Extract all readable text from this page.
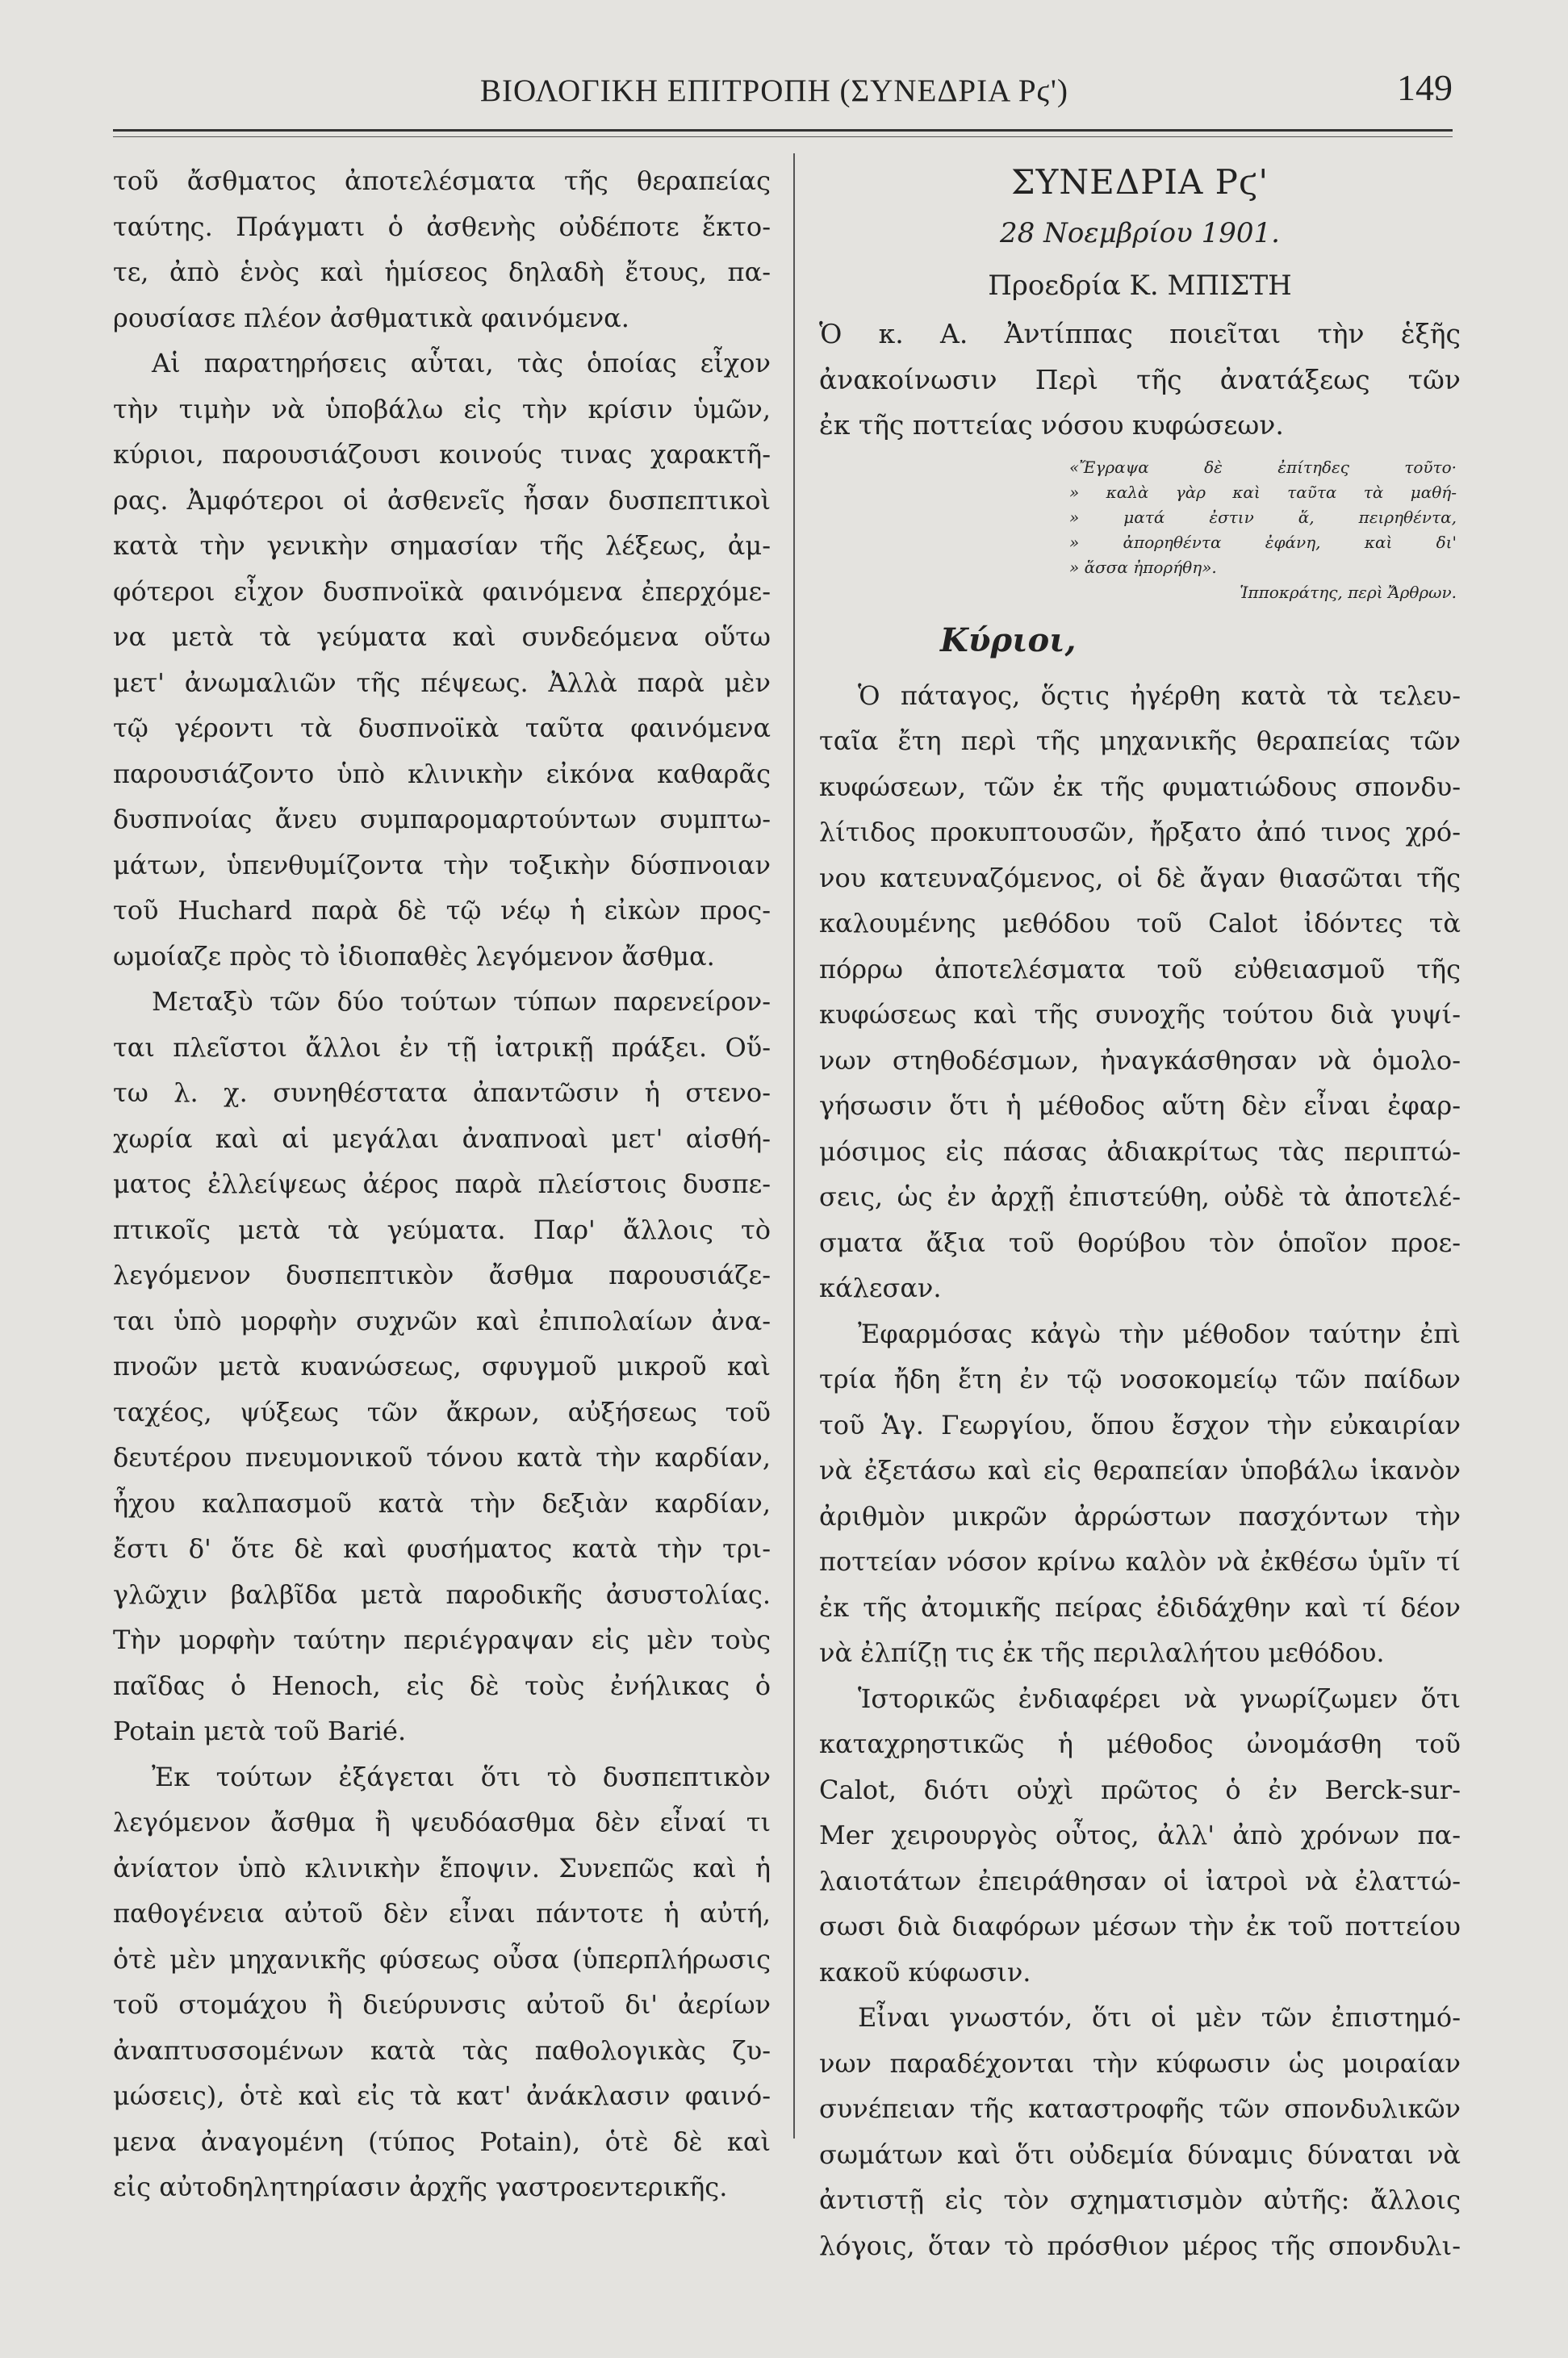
ΒΙΟΛΟΓΙΚΗ ΕΠΙΤΡΟΠΗ (ΣΥΝΕΔΡΙΑ Ρϛ')	149
τοῦ ἄσθματος ἀποτελέσματα τῆς θεραπείας
ταύτης. Πράγματι ὁ ἀσθενὴς οὐδέποτε ἔκτο-
τε, ἀπὸ ἑνὸς καὶ ἡμίσεος δηλαδὴ ἔτους, πα-
ρουσίασε πλέον ἀσθματικὰ φαινόμενα.
Αἱ παρατηρήσεις αὗται, τὰς ὁποίας εἶχον
τὴν τιμὴν νὰ ὑποβάλω εἰς τὴν κρίσιν ὑμῶν,
κύριοι, παρουσιάζουσι κοινούς τινας χαρακτῆ-
ρας. Ἀμφότεροι οἱ ἀσθενεῖς ἦσαν δυσπεπτικοὶ
κατὰ τὴν γενικὴν σημασίαν τῆς λέξεως, ἀμ-
φότεροι εἶχον δυσπνοϊκὰ φαινόμενα ἐπερχόμε-
να μετὰ τὰ γεύματα καὶ συνδεόμενα οὕτω
μετ' ἀνωμαλιῶν τῆς πέψεως. Ἀλλὰ παρὰ μὲν
τῷ γέροντι τὰ δυσπνοϊκὰ ταῦτα φαινόμενα
παρουσιάζοντο ὑπὸ κλινικὴν εἰκόνα καθαρᾶς
δυσπνοίας ἄνευ συμπαρομαρτούντων συμπτω-
μάτων, ὑπενθυμίζοντα τὴν τοξικὴν δύσπνοιαν
τοῦ Huchard παρὰ δὲ τῷ νέῳ ἡ εἰκὼν προς-
ωμοίαζε πρὸς τὸ ἰδιοπαθὲς λεγόμενον ἄσθμα.
Μεταξὺ τῶν δύο τούτων τύπων παρενείρον-
ται πλεῖστοι ἄλλοι ἐν τῇ ἰατρικῇ πράξει. Οὕ-
τω λ. χ. συνηθέστατα ἀπαντῶσιν ἡ στενο-
χωρία καὶ αἱ μεγάλαι ἀναπνοαὶ μετ' αἰσθή-
ματος ἐλλείψεως ἀέρος παρὰ πλείστοις δυσπε-
πτικοῖς μετὰ τὰ γεύματα. Παρ' ἄλλοις τὸ
λεγόμενον δυσπεπτικὸν ἄσθμα παρουσιάζε-
ται ὑπὸ μορφὴν συχνῶν καὶ ἐπιπολαίων ἀνα-
πνοῶν μετὰ κυανώσεως, σφυγμοῦ μικροῦ καὶ
ταχέος, ψύξεως τῶν ἄκρων, αὐξήσεως τοῦ
δευτέρου πνευμονικοῦ τόνου κατὰ τὴν καρδίαν,
ἦχου καλπασμοῦ κατὰ τὴν δεξιὰν καρδίαν,
ἔστι δ' ὅτε δὲ καὶ φυσήματος κατὰ τὴν τρι-
γλῶχιν βαλβῖδα μετὰ παροδικῆς ἀσυστολίας.
Τὴν μορφὴν ταύτην περιέγραψαν εἰς μὲν τοὺς
παῖδας ὁ Henoch, εἰς δὲ τοὺς ἐνήλικας ὁ
Potain μετὰ τοῦ Barié.
Ἐκ τούτων ἐξάγεται ὅτι τὸ δυσπεπτικὸν
λεγόμενον ἄσθμα ἢ ψευδόασθμα δὲν εἶναί τι
ἀνίατον ὑπὸ κλινικὴν ἔποψιν. Συνεπῶς καὶ ἡ
παθογένεια αὐτοῦ δὲν εἶναι πάντοτε ἡ αὐτή,
ὁτὲ μὲν μηχανικῆς φύσεως οὖσα (ὑπερπλήρωσις
τοῦ στομάχου ἢ διεύρυνσις αὐτοῦ δι' ἀερίων
ἀναπτυσσομένων κατὰ τὰς παθολογικὰς ζυ-
μώσεις), ὁτὲ καὶ εἰς τὰ κατ' ἀνάκλασιν φαινό-
μενα ἀναγομένη (τύπος Potain), ὁτὲ δὲ καὶ
εἰς αὐτοδηλητηρίασιν ἀρχῆς γαστροεντερικῆς.
ΣΥΝΕΔΡΙΑ Ρϛ'
28 Νοεμβρίου 1901.
Προεδρία Κ. ΜΠΙΣΤΗ
Ὁ κ. Α. Ἀντίππας ποιεῖται τὴν ἑξῆς
ἀνακοίνωσιν Περὶ τῆς ἀνατάξεως τῶν
ἐκ τῆς ποττείας νόσου κυφώσεων.
«Ἔγραψα δὲ ἐπίτηδες τοῦτο·
» καλὰ γὰρ καὶ ταῦτα τὰ μαθή-
» ματά ἐστιν ἅ, πειρηθέντα,
» ἀπορηθέντα ἐφάνη, καὶ δι'
» ἅσσα ἠπορήθη».
Ἱπποκράτης, περὶ Ἄρθρων.
Κύριοι,
Ὁ πάταγος, ὅςτις ἠγέρθη κατὰ τὰ τελευ-
ταῖα ἔτη περὶ τῆς μηχανικῆς θεραπείας τῶν
κυφώσεων, τῶν ἐκ τῆς φυματιώδους σπονδυ-
λίτιδος προκυπτουσῶν, ἤρξατο ἀπό τινος χρό-
νου κατευναζόμενος, οἱ δὲ ἄγαν θιασῶται τῆς
καλουμένης μεθόδου τοῦ Calot ἰδόντες τὰ
πόρρω ἀποτελέσματα τοῦ εὐθειασμοῦ τῆς
κυφώσεως καὶ τῆς συνοχῆς τούτου διὰ γυψί-
νων στηθοδέσμων, ἠναγκάσθησαν νὰ ὁμολο-
γήσωσιν ὅτι ἡ μέθοδος αὕτη δὲν εἶναι ἐφαρ-
μόσιμος εἰς πάσας ἀδιακρίτως τὰς περιπτώ-
σεις, ὡς ἐν ἀρχῇ ἐπιστεύθη, οὐδὲ τὰ ἀποτελέ-
σματα ἄξια τοῦ θορύβου τὸν ὁποῖον προε-
κάλεσαν.
Ἐφαρμόσας κἀγὼ τὴν μέθοδον ταύτην ἐπὶ
τρία ἤδη ἔτη ἐν τῷ νοσοκομείῳ τῶν παίδων
τοῦ Ἁγ. Γεωργίου, ὅπου ἔσχον τὴν εὐκαιρίαν
νὰ ἐξετάσω καὶ εἰς θεραπείαν ὑποβάλω ἱκανὸν
ἀριθμὸν μικρῶν ἀρρώστων πασχόντων τὴν
ποττείαν νόσον κρίνω καλὸν νὰ ἐκθέσω ὑμῖν τί
ἐκ τῆς ἀτομικῆς πείρας ἐδιδάχθην καὶ τί δέον
νὰ ἐλπίζῃ τις ἐκ τῆς περιλαλήτου μεθόδου.
Ἱστορικῶς ἐνδιαφέρει νὰ γνωρίζωμεν ὅτι
καταχρηστικῶς ἡ μέθοδος ὠνομάσθη τοῦ
Calot, διότι οὐχὶ πρῶτος ὁ ἐν Berck-sur-
Mer χειρουργὸς οὗτος, ἀλλ' ἀπὸ χρόνων πα-
λαιοτάτων ἐπειράθησαν οἱ ἰατροὶ νὰ ἐλαττώ-
σωσι διὰ διαφόρων μέσων τὴν ἐκ τοῦ ποττείου
κακοῦ κύφωσιν.
Εἶναι γνωστόν, ὅτι οἱ μὲν τῶν ἐπιστημό-
νων παραδέχονται τὴν κύφωσιν ὡς μοιραίαν
συνέπειαν τῆς καταστροφῆς τῶν σπονδυλικῶν
σωμάτων καὶ ὅτι οὐδεμία δύναμις δύναται νὰ
ἀντιστῇ εἰς τὸν σχηματισμὸν αὐτῆς: ἄλλοις
λόγοις, ὅταν τὸ πρόσθιον μέρος τῆς σπονδυλι-
